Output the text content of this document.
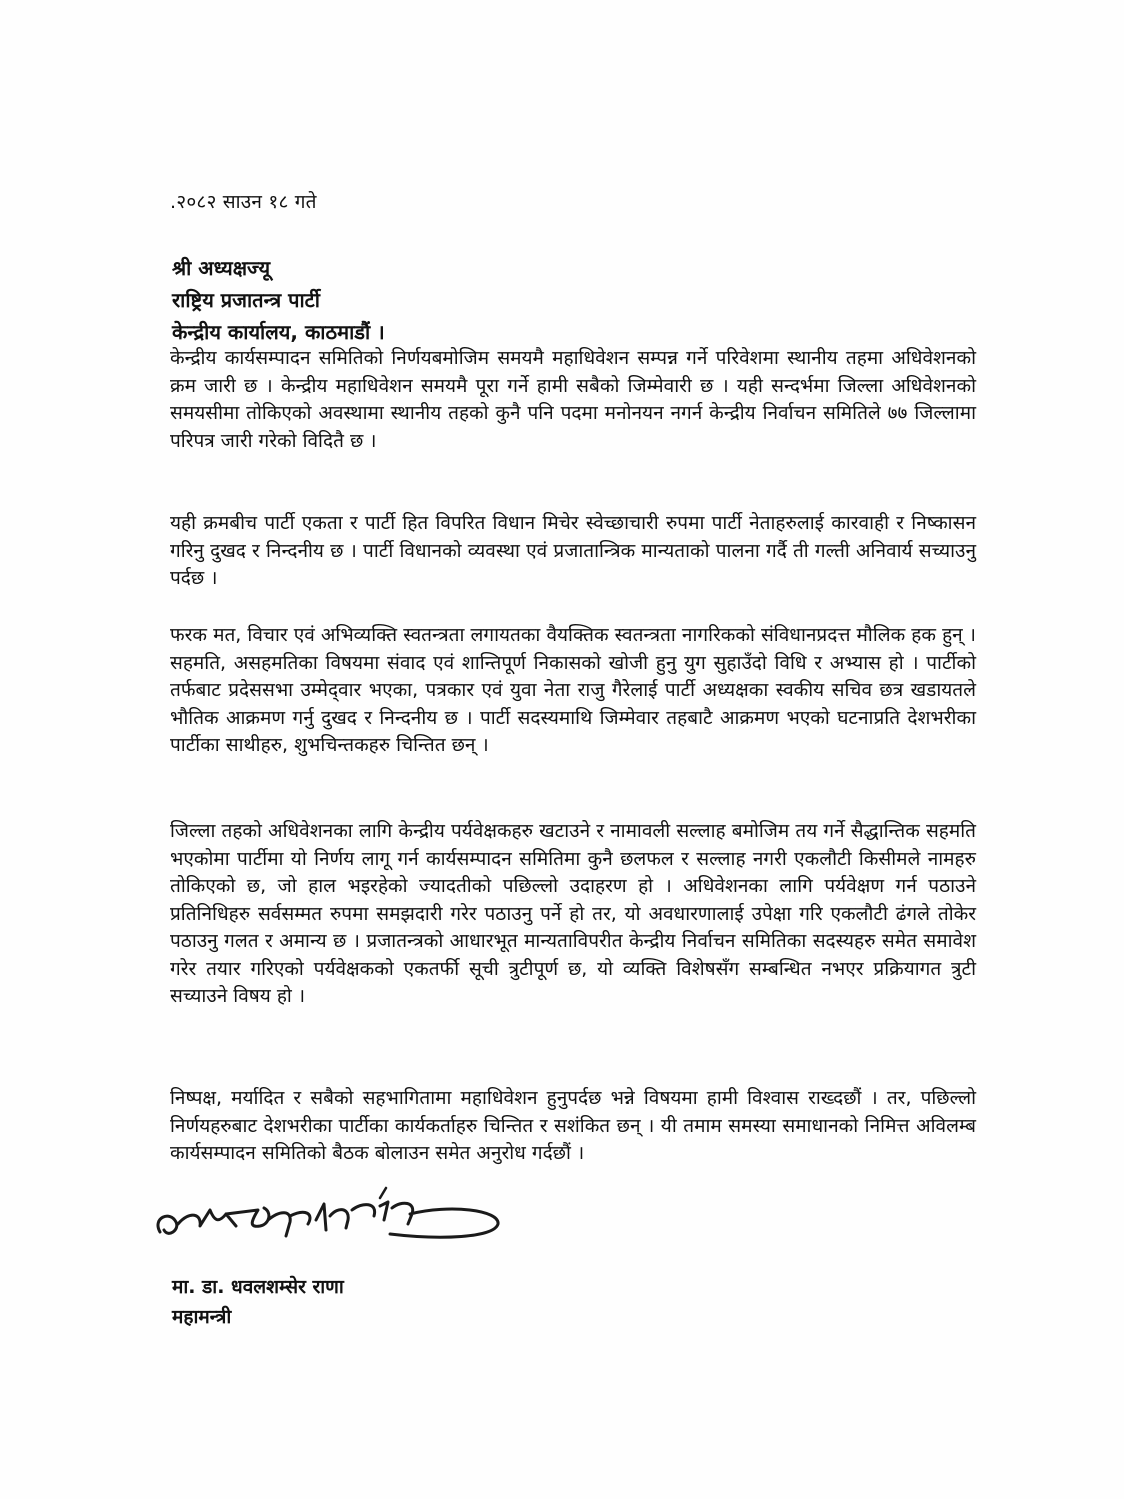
.२०८२ साउन १८ गते
श्री अध्यक्षज्यू
राष्ट्रिय प्रजातन्त्र पार्टी
केन्द्रीय कार्यालय, काठमाडौं ।
केन्द्रीय कार्यसम्पादन समितिको निर्णयबमोजिम समयमै महाधिवेशन सम्पन्न गर्ने परिवेशमा स्थानीय तहमा अधिवेशनको क्रम जारी छ । केन्द्रीय महाधिवेशन समयमै पूरा गर्ने हामी सबैको जिम्मेवारी छ । यही सन्दर्भमा जिल्ला अधिवेशनको समयसीमा तोकिएको अवस्थामा स्थानीय तहको कुनै पनि पदमा मनोनयन नगर्न केन्द्रीय निर्वाचन समितिले ७७ जिल्लामा परिपत्र जारी गरेको विदितै छ ।
यही क्रमबीच पार्टी एकता र पार्टी हित विपरित विधान मिचेर स्वेच्छाचारी रुपमा पार्टी नेताहरुलाई कारवाही र निष्कासन गरिनु दुखद र निन्दनीय छ । पार्टी विधानको व्यवस्था एवं प्रजातान्त्रिक मान्यताको पालना गर्दै ती गल्ती अनिवार्य सच्याउनु पर्दछ ।
फरक मत, विचार एवं अभिव्यक्ति स्वतन्त्रता लगायतका वैयक्तिक स्वतन्त्रता नागरिकको संविधानप्रदत्त मौलिक हक हुन् । सहमति, असहमतिका विषयमा संवाद एवं शान्तिपूर्ण निकासको खोजी हुनु युग सुहाउँदो विधि र अभ्यास हो । पार्टीको तर्फबाट प्रदेससभा उम्मेद्‌वार भएका, पत्रकार एवं युवा नेता राजु गैरेलाई पार्टी अध्यक्षका स्वकीय सचिव छत्र खडायतले भौतिक आक्रमण गर्नु दुखद र निन्दनीय छ । पार्टी सदस्यमाथि जिम्मेवार तहबाटै आक्रमण भएको घटनाप्रति देशभरीका पार्टीका साथीहरु, शुभचिन्तकहरु चिन्तित छन् ।
जिल्ला तहको अधिवेशनका लागि केन्द्रीय पर्यवेक्षकहरु खटाउने र नामावली सल्लाह बमोजिम तय गर्ने सैद्धान्तिक सहमति भएकोमा पार्टीमा यो निर्णय लागू गर्न कार्यसम्पादन समितिमा कुनै छलफल र सल्लाह नगरी एकलौटी किसीमले नामहरु तोकिएको छ, जो हाल भइरहेको ज्यादतीको पछिल्लो उदाहरण हो । अधिवेशनका लागि पर्यवेक्षण गर्न पठाउने प्रतिनिधिहरु सर्वसम्मत रुपमा समझदारी गरेर पठाउनु पर्ने हो तर, यो अवधारणालाई उपेक्षा गरि एकलौटी ढंगले तोकेर पठाउनु गलत र अमान्य छ । प्रजातन्त्रको आधारभूत मान्यताविपरीत केन्द्रीय निर्वाचन समितिका सदस्यहरु समेत समावेश गरेर तयार गरिएको पर्यवेक्षकको एकतर्फी सूची त्रुटीपूर्ण छ, यो व्यक्ति विशेषसँग सम्बन्धित नभएर प्रक्रियागत त्रुटी सच्याउने विषय हो ।
निष्पक्ष, मर्यादित र सबैको सहभागितामा महाधिवेशन हुनुपर्दछ भन्ने विषयमा हामी विश्वास राख्दछौं । तर, पछिल्लो निर्णयहरुबाट देशभरीका पार्टीका कार्यकर्ताहरु चिन्तित र सशंकित छन् । यी तमाम समस्या समाधानको निमित्त अविलम्ब कार्यसम्पादन समितिको बैठक बोलाउन समेत अनुरोध गर्दछौं ।
मा. डा. धवलशम्सेर राणा
महामन्त्री
